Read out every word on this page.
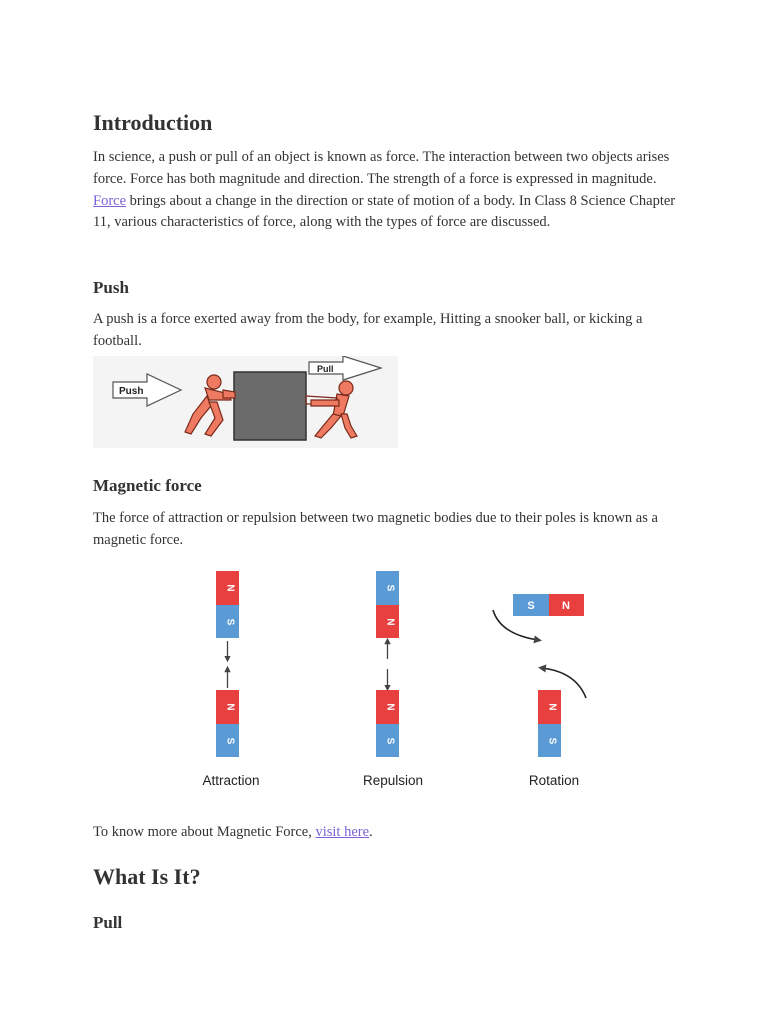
Introduction

In science, a push or pull of an object is known as force. The interaction between two objects arises force. Force has both magnitude and direction. The strength of a force is expressed in magnitude. Force brings about a change in the direction or state of motion of a body. In Class 8 Science Chapter 11, various characteristics of force, along with the types of force are discussed.

Push

A push is a force exerted away from the body, for example, Hitting a snooker ball, or kicking a football.

Push
Pull
Magnetic force

The force of attraction or repulsion between two magnetic bodies due to their poles is known as a magnetic force.

N
S
N
S
Attraction
S
N
N
S
Repulsion
S N
N
S
Rotation

To know more about Magnetic Force, visit here.

What Is It?
Pull
